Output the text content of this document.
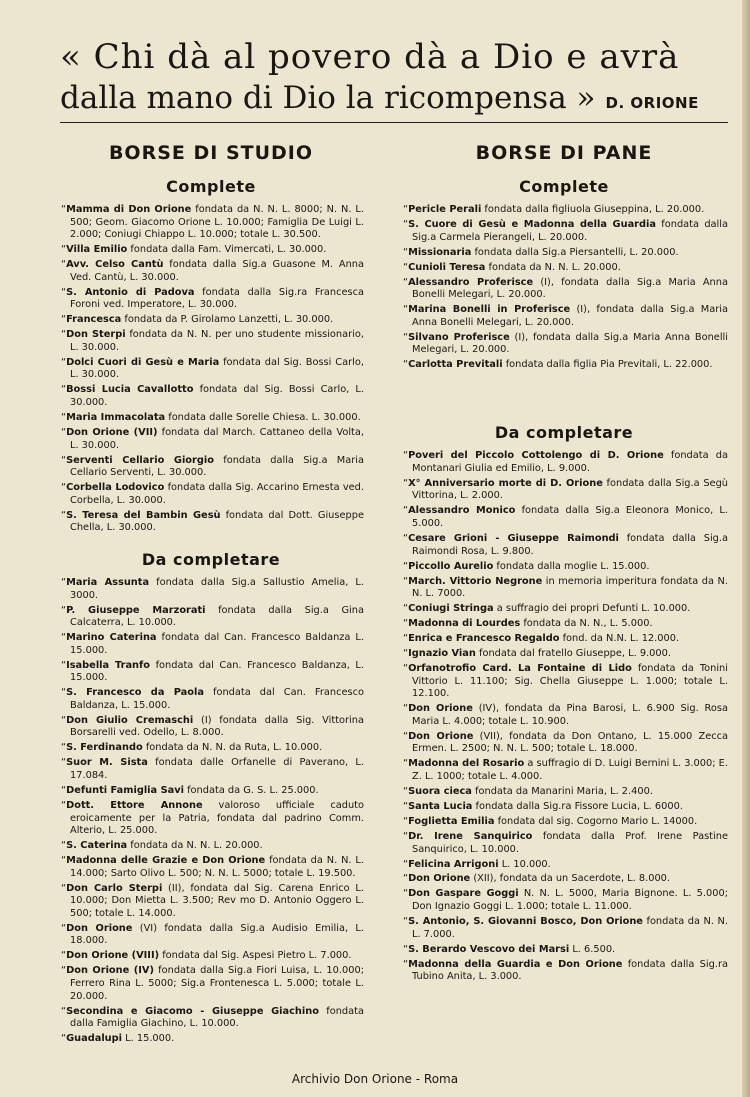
« Chi dà al povero dà a Dio e avrà
dalla mano di Dio la ricompensa » D. ORIONE
BORSE DI STUDIO
Complete

“Mamma di Don Orione fondata da N. N. L. 8000; N. N. L. 500; Geom. Giacomo Orione L. 10.000; Famiglia De Luigi L. 2.000; Coniugi Chiappo L. 10.000; totale L. 30.500.

“Villa Emilio fondata dalla Fam. Vimercati, L. 30.000.

“Avv. Celso Cantù fondata dalla Sig.a Guasone M. Anna Ved. Cantù, L. 30.000.

“S. Antonio di Padova fondata dalla Sig.ra Francesca Foroni ved. Imperatore, L. 30.000.

“Francesca fondata da P. Girolamo Lanzetti, L. 30.000.

“Don Sterpi fondata da N. N. per uno studente missionario, L. 30.000.

“Dolci Cuori di Gesù e Maria fondata dal Sig. Bossi Carlo, L. 30.000.

“Bossi Lucia Cavallotto fondata dal Sig. Bossi Carlo, L. 30.000.

“Maria Immacolata fondata dalle Sorelle Chiesa. L. 30.000.

“Don Orione (VII) fondata dal March. Cattaneo della Volta, L. 30.000.

“Serventi Cellario Giorgio fondata dalla Sig.a Maria Cellario Serventi, L. 30.000.

“Corbella Lodovico fondata dalla Sig. Accarino Ernesta ved. Corbella, L. 30.000.

“S. Teresa del Bambin Gesù fondata dal Dott. Giuseppe Chella, L. 30.000.

Da completare

“Maria Assunta fondata dalla Sig.a Sallustio Amelia, L. 3000.

“P. Giuseppe Marzorati fondata dalla Sig.a Gina Calcaterra, L. 10.000.

“Marino Caterina fondata dal Can. Francesco Baldanza L. 15.000.

“Isabella Tranfo fondata dal Can. Francesco Baldanza, L. 15.000.

“S. Francesco da Paola fondata dal Can. Francesco Baldanza, L. 15.000.

“Don Giulio Cremaschi (I) fondata dalla Sig. Vittorina Borsarelli ved. Odello, L. 8.000.

“S. Ferdinando fondata da N. N. da Ruta, L. 10.000.

“Suor M. Sista fondata dalle Orfanelle di Paverano, L. 17.084.

“Defunti Famiglia Savi fondata da G. S. L. 25.000.

“Dott. Ettore Annone valoroso ufficiale caduto eroicamente per la Patria, fondata dal padrino Comm. Alterio, L. 25.000.

“S. Caterina fondata da N. N. L. 20.000.

“Madonna delle Grazie e Don Orione fondata da N. N. L. 14.000; Sarto Olivo L. 500; N. N. L. 5000; totale L. 19.500.

“Don Carlo Sterpi (II), fondata dal Sig. Carena Enrico L. 10.000; Don Mietta L. 3.500; Rev mo D. Antonio Oggero L. 500; totale L. 14.000.

“Don Orione (VI) fondata dalla Sig.a Audisio Emilia, L. 18.000.

“Don Orione (VIII) fondata dal Sig. Aspesi Pietro L. 7.000.

“Don Orione (IV) fondata dalla Sig.a Fiori Luisa, L. 10.000; Ferrero Rina L. 5000; Sig.a Frontenesca L. 5.000; totale L. 20.000.

“Secondina e Giacomo - Giuseppe Giachino fondata dalla Famiglia Giachino, L. 10.000.

“Guadalupi L. 15.000.

BORSE DI PANE
Complete

“Pericle Perali fondata dalla figliuola Giuseppina, L. 20.000.

“S. Cuore di Gesù e Madonna della Guardia fondata dalla Sig.a Carmela Pierangeli, L. 20.000.

“Missionaria fondata dalla Sig.a Piersantelli, L. 20.000.

“Cunioli Teresa fondata da N. N. L. 20.000.

“Alessandro Proferisce (I), fondata dalla Sig.a Maria Anna Bonelli Melegari, L. 20.000.

“Marina Bonelli in Proferisce (I), fondata dalla Sig.a Maria Anna Bonelli Melegari, L. 20.000.

“Silvano Proferisce (I), fondata dalla Sig.a Maria Anna Bonelli Melegari, L. 20.000.

“Carlotta Previtali fondata dalla figlia Pia Previtali, L. 22.000.

Da completare

“Poveri del Piccolo Cottolengo di D. Orione fondata da Montanari Giulia ed Emilio, L. 9.000.

“X° Anniversario morte di D. Orione fondata dalla Sig.a Segù Vittorina, L. 2.000.

“Alessandro Monico fondata dalla Sig.a Eleonora Monico, L. 5.000.

“Cesare Grioni - Giuseppe Raimondi fondata dalla Sig.a Raimondi Rosa, L. 9.800.

“Piccollo Aurelio fondata dalla moglie L. 15.000.

“March. Vittorio Negrone in memoria imperitura fondata da N. N. L. 7000.

“Coniugi Stringa a suffragio dei propri Defunti L. 10.000.

“Madonna di Lourdes fondata da N. N., L. 5.000.

“Enrica e Francesco Regaldo fond. da N.N. L. 12.000.

“Ignazio Vian fondata dal fratello Giuseppe, L. 9.000.

“Orfanotrofio Card. La Fontaine di Lido fondata da Tonini Vittorio L. 11.100; Sig. Chella Giuseppe L. 1.000; totale L. 12.100.

“Don Orione (IV), fondata da Pina Barosi, L. 6.900 Sig. Rosa Maria L. 4.000; totale L. 10.900.

“Don Orione (VII), fondata da Don Ontano, L. 15.000 Zecca Ermen. L. 2500; N. N. L. 500; totale L. 18.000.

“Madonna del Rosario a suffragio di D. Luigi Bernini L. 3.000; E. Z. L. 1000; totale L. 4.000.

“Suora cieca fondata da Manarini Maria, L. 2.400.

“Santa Lucia fondata dalla Sig.ra Fissore Lucia, L. 6000.

“Foglietta Emilia fondata dal sig. Cogorno Mario L. 14000.

“Dr. Irene Sanquirico fondata dalla Prof. Irene Pastine Sanquirico, L. 10.000.

“Felicina Arrigoni L. 10.000.

“Don Orione (XII), fondata da un Sacerdote, L. 8.000.

“Don Gaspare Goggi N. N. L. 5000, Maria Bignone. L. 5.000; Don Ignazio Goggi L. 1.000; totale L. 11.000.

“S. Antonio, S. Giovanni Bosco, Don Orione fondata da N. N. L. 7.000.

“S. Berardo Vescovo dei Marsi L. 6.500.

“Madonna della Guardia e Don Orione fondata dalla Sig.ra Tubino Anita, L. 3.000.

Archivio Don Orione - Roma
